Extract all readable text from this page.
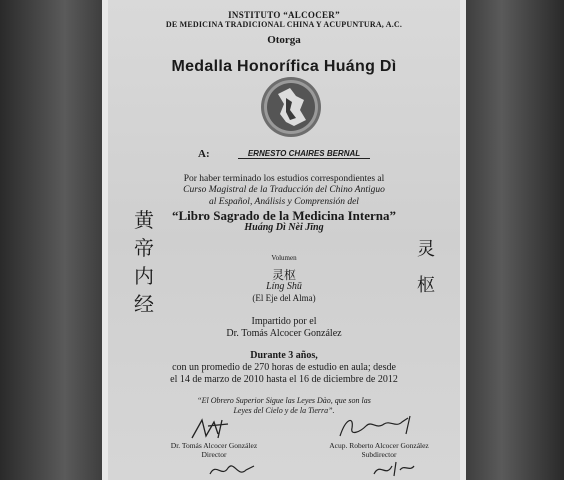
INSTITUTO “ALCOCER”
DE MEDICINA TRADICIONAL CHINA Y ACUPUNTURA, A.C.
Otorga
Medalla Honorífica Huáng Dì
A:	ERNESTO CHAIRES BERNAL
Por haber terminado los estudios correspondientes al
Curso Magistral de la Traducción del Chino Antiguo
al Español, Análisis y Comprensión del
“Libro Sagrado de la Medicina Interna”
Huáng Dì Nèi Jīng
黄
帝
内
经
灵
枢
Volumen
灵枢
Líng Shū
(El Eje del Alma)
Impartido por el
Dr. Tomás Alcocer González
Durante 3 años,
con un promedio de 270 horas de estudio en aula; desde
el 14 de marzo de 2010 hasta el 16 de diciembre de 2012
“El Obrero Superior Sigue las Leyes Dào, que son las
Leyes del Cielo y de la Tierra”.
Dr. Tomás Alcocer González
Director
Acup. Roberto Alcocer González
Subdirector
